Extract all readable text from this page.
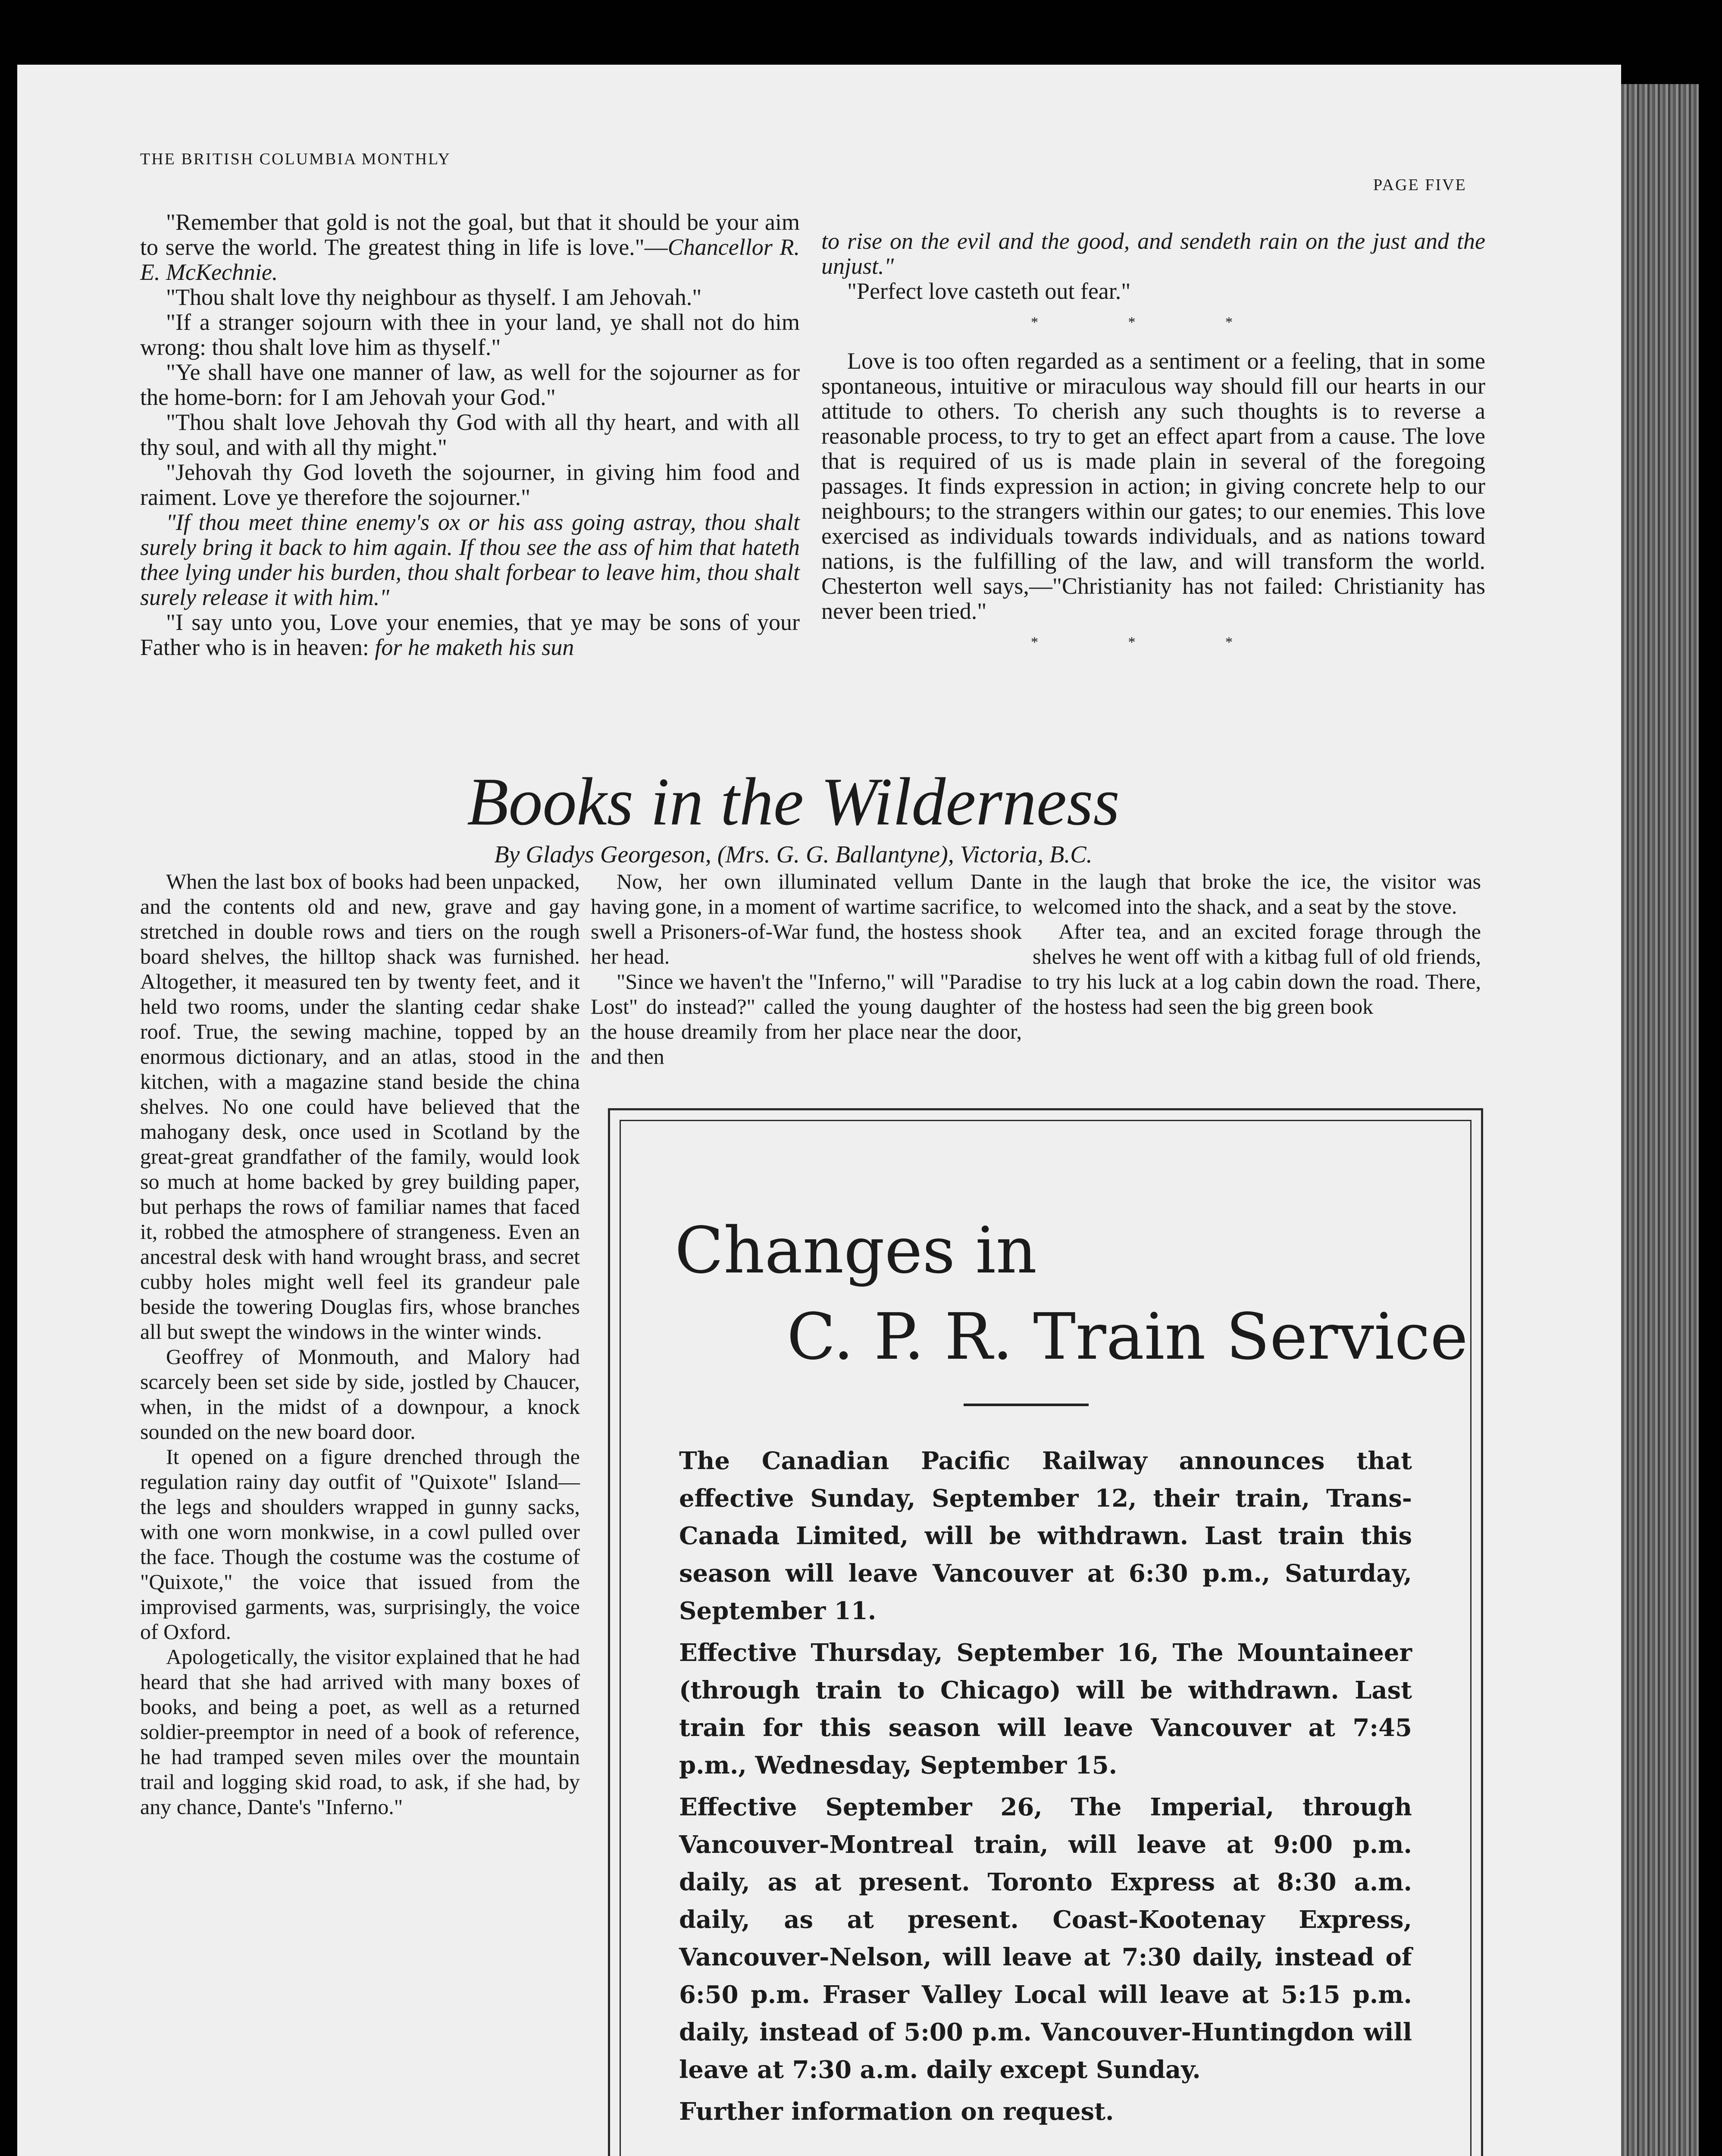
THE BRITISH COLUMBIA MONTHLY
PAGE FIVE

"Remember that gold is not the goal, but that it should be your aim to serve the world. The greatest thing in life is love."—Chancellor R. E. McKechnie.

"Thou shalt love thy neighbour as thyself. I am Jehovah."

"If a stranger sojourn with thee in your land, ye shall not do him wrong: thou shalt love him as thyself."

"Ye shall have one manner of law, as well for the sojourner as for the home-born: for I am Jehovah your God."

"Thou shalt love Jehovah thy God with all thy heart, and with all thy soul, and with all thy might."

"Jehovah thy God loveth the sojourner, in giving him food and raiment. Love ye therefore the sojourner."

"If thou meet thine enemy's ox or his ass going astray, thou shalt surely bring it back to him again. If thou see the ass of him that hateth thee lying under his burden, thou shalt forbear to leave him, thou shalt surely release it with him."

"I say unto you, Love your enemies, that ye may be sons of your Father who is in heaven: for he maketh his sun

to rise on the evil and the good, and sendeth rain on the just and the unjust."

"Perfect love casteth out fear."

* * *

Love is too often regarded as a sentiment or a feeling, that in some spontaneous, intuitive or miraculous way should fill our hearts in our attitude to others. To cherish any such thoughts is to reverse a reasonable process, to try to get an effect apart from a cause. The love that is required of us is made plain in several of the foregoing passages. It finds expression in action; in giving concrete help to our neighbours; to the strangers within our gates; to our enemies. This love exercised as individuals towards individuals, and as nations toward nations, is the fulfilling of the law, and will transform the world. Chesterton well says,—"Christianity has not failed: Christianity has never been tried."

* * *
Books in the Wilderness
By Gladys Georgeson, (Mrs. G. G. Ballantyne), Victoria, B.C.

When the last box of books had been unpacked, and the contents old and new, grave and gay stretched in double rows and tiers on the rough board shelves, the hilltop shack was furnished. Altogether, it measured ten by twenty feet, and it held two rooms, under the slanting cedar shake roof. True, the sewing machine, topped by an enormous dictionary, and an atlas, stood in the kitchen, with a magazine stand beside the china shelves. No one could have believed that the mahogany desk, once used in Scotland by the great-great grandfather of the family, would look so much at home backed by grey building paper, but perhaps the rows of familiar names that faced it, robbed the atmosphere of strangeness. Even an ancestral desk with hand wrought brass, and secret cubby holes might well feel its grandeur pale beside the towering Douglas firs, whose branches all but swept the windows in the winter winds.

Geoffrey of Monmouth, and Malory had scarcely been set side by side, jostled by Chaucer, when, in the midst of a downpour, a knock sounded on the new board door.

It opened on a figure drenched through the regulation rainy day outfit of "Quixote" Island—the legs and shoulders wrapped in gunny sacks, with one worn monkwise, in a cowl pulled over the face. Though the costume was the costume of "Quixote," the voice that issued from the improvised garments, was, surprisingly, the voice of Oxford.

Apologetically, the visitor explained that he had heard that she had arrived with many boxes of books, and being a poet, as well as a returned soldier-preemptor in need of a book of reference, he had tramped seven miles over the mountain trail and logging skid road, to ask, if she had, by any chance, Dante's "Inferno."

Now, her own illuminated vellum Dante having gone, in a moment of wartime sacrifice, to swell a Prisoners-of-War fund, the hostess shook her head.

"Since we haven't the "Inferno," will "Paradise Lost" do instead?" called the young daughter of the house dreamily from her place near the door, and then

in the laugh that broke the ice, the visitor was welcomed into the shack, and a seat by the stove.

After tea, and an excited forage through the shelves he went off with a kitbag full of old friends, to try his luck at a log cabin down the road. There, the hostess had seen the big green book

Changes in
C. P. R. Train Service

The Canadian Pacific Railway announces that effective Sunday, September 12, their train, Trans-Canada Limited, will be withdrawn. Last train this season will leave Vancouver at 6:30 p.m., Saturday, September 11.

Effective Thursday, September 16, The Mountaineer (through train to Chicago) will be withdrawn. Last train for this season will leave Vancouver at 7:45 p.m., Wednesday, September 15.

Effective September 26, The Imperial, through Vancouver-Montreal train, will leave at 9:00 p.m. daily, as at present. Toronto Express at 8:30 a.m. daily, as at present. Coast-Kootenay Express, Vancouver-Nelson, will leave at 7:30 daily, instead of 6:50 p.m. Fraser Valley Local will leave at 5:15 p.m. daily, instead of 5:00 p.m. Vancouver-Huntingdon will leave at 7:30 a.m. daily except Sunday.

Further information on request.
